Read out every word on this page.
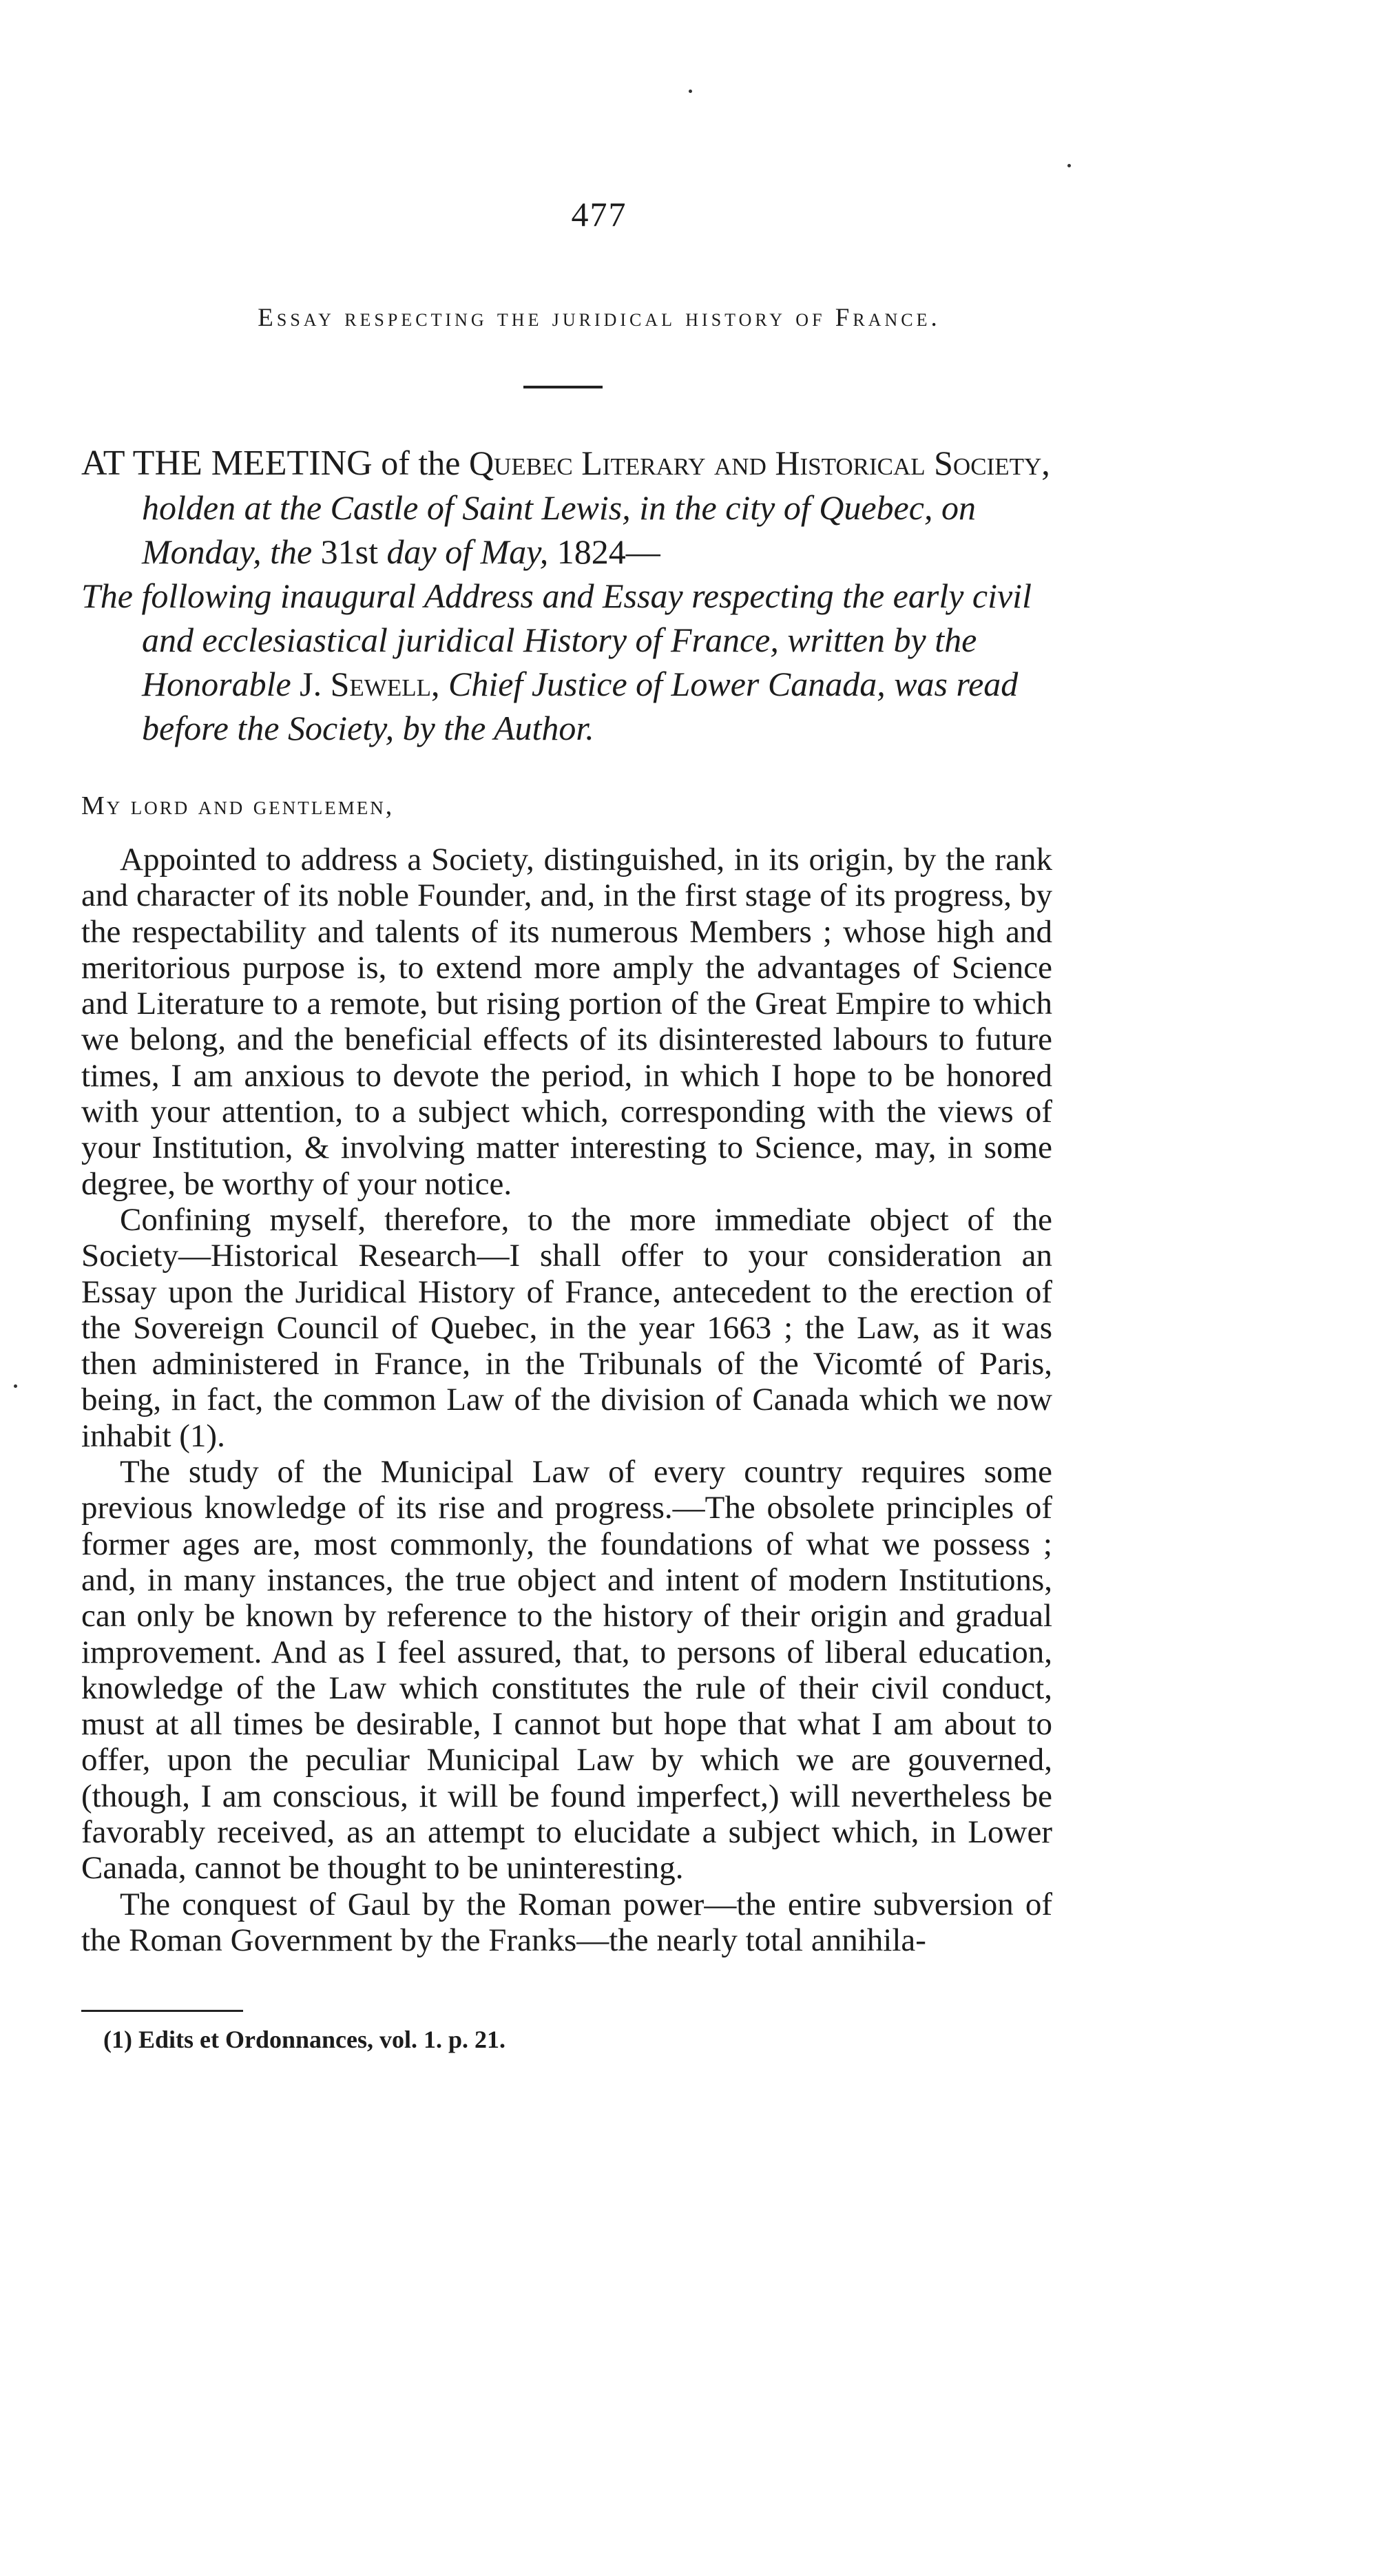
477
Essay respecting the juridical history of France.

AT THE MEETING of the Quebec Literary and Historical Society, holden at the Castle of Saint Lewis, in the city of Quebec, on Monday, the 31st day of May, 1824—

The following inaugural Address and Essay respecting the early civil and ecclesiastical juridical History of France, written by the Honorable J. Sewell, Chief Justice of Lower Canada, was read before the Society, by the Author.

My lord and gentlemen,

Appointed to address a Society, distinguished, in its origin, by the rank and character of its noble Founder, and, in the first stage of its progress, by the respectability and talents of its numerous Members ; whose high and meritorious purpose is, to extend more amply the advantages of Science and Literature to a remote, but rising portion of the Great Empire to which we belong, and the beneficial effects of its disinterested labours to future times, I am anxious to devote the period, in which I hope to be honored with your attention, to a subject which, corresponding with the views of your Institution, & involving matter interesting to Science, may, in some degree, be worthy of your notice.

Confining myself, therefore, to the more immediate object of the Society—Historical Research—I shall offer to your consideration an Essay upon the Juridical History of France, antecedent to the erection of the Sovereign Council of Quebec, in the year 1663 ; the Law, as it was then administered in France, in the Tribunals of the Vicomté of Paris, being, in fact, the common Law of the division of Canada which we now inhabit (1).

The study of the Municipal Law of every country requires some previous knowledge of its rise and progress.—The obsolete principles of former ages are, most commonly, the foundations of what we possess ; and, in many instances, the true object and intent of modern Institutions, can only be known by reference to the history of their origin and gradual improvement. And as I feel assured, that, to persons of liberal education, knowledge of the Law which constitutes the rule of their civil conduct, must at all times be desirable, I cannot but hope that what I am about to offer, upon the peculiar Municipal Law by which we are gouverned, (though, I am conscious, it will be found imperfect,) will nevertheless be favorably received, as an attempt to elucidate a subject which, in Lower Canada, cannot be thought to be uninteresting.

The conquest of Gaul by the Roman power—the entire subversion of the Roman Government by the Franks—the nearly total annihila-

(1) Edits et Ordonnances, vol. 1. p. 21.
